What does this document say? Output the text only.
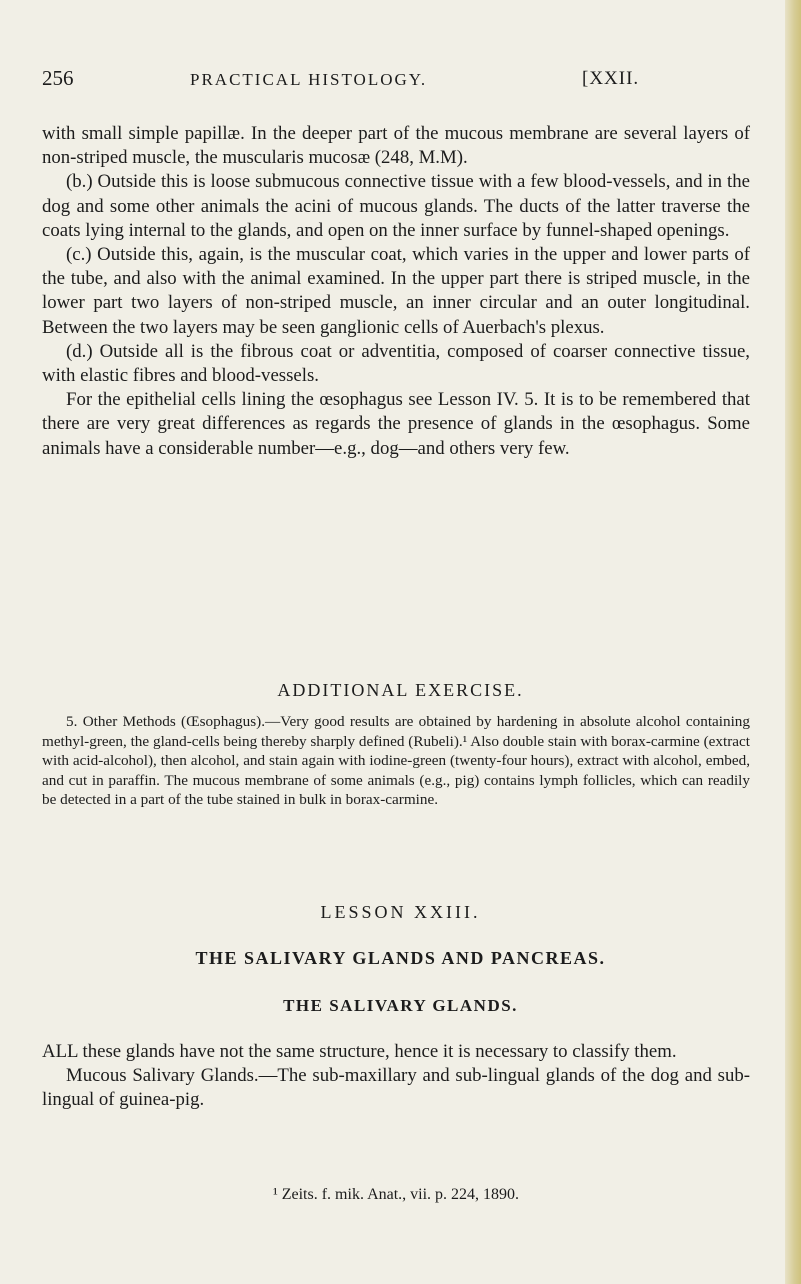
256	PRACTICAL HISTOLOGY.	[XXII.

with small simple papillæ. In the deeper part of the mucous membrane are several layers of non-striped muscle, the muscularis mucosæ (248, M.M).

(b.) Outside this is loose submucous connective tissue with a few blood-vessels, and in the dog and some other animals the acini of mucous glands. The ducts of the latter traverse the coats lying internal to the glands, and open on the inner surface by funnel-shaped openings.

(c.) Outside this, again, is the muscular coat, which varies in the upper and lower parts of the tube, and also with the animal examined. In the upper part there is striped muscle, in the lower part two layers of non-striped muscle, an inner circular and an outer longitudinal. Between the two layers may be seen ganglionic cells of Auerbach's plexus.

(d.) Outside all is the fibrous coat or adventitia, composed of coarser connective tissue, with elastic fibres and blood-vessels.

For the epithelial cells lining the œsophagus see Lesson IV. 5. It is to be remembered that there are very great differences as regards the presence of glands in the œsophagus. Some animals have a considerable number—e.g., dog—and others very few.

ADDITIONAL EXERCISE.
5. Other Methods (Œsophagus).—Very good results are obtained by hardening in absolute alcohol containing methyl-green, the gland-cells being thereby sharply defined (Rubeli).¹ Also double stain with borax-carmine (extract with acid-alcohol), then alcohol, and stain again with iodine-green (twenty-four hours), extract with alcohol, embed, and cut in paraffin. The mucous membrane of some animals (e.g., pig) contains lymph follicles, which can readily be detected in a part of the tube stained in bulk in borax-carmine.
LESSON XXIII.
THE SALIVARY GLANDS AND PANCREAS.
THE SALIVARY GLANDS.

ALL these glands have not the same structure, hence it is necessary to classify them.

Mucous Salivary Glands.—The sub-maxillary and sub-lingual glands of the dog and sub-lingual of guinea-pig.

¹ Zeits. f. mik. Anat., vii. p. 224, 1890.
